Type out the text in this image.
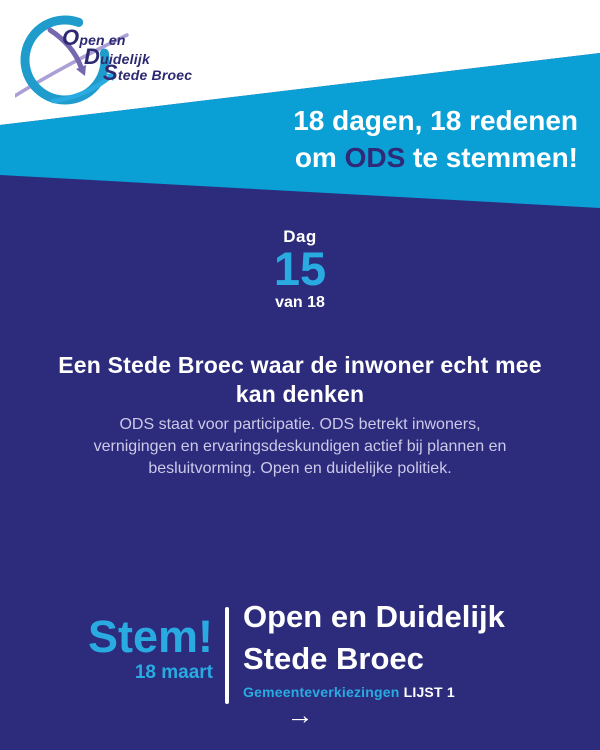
Open en
Duidelijk
Stede Broec
18 dagen, 18 redenen
om ODS te stemmen!
Dag
15
van 18
Een Stede Broec waar de inwoner echt mee
kan denken
ODS staat voor participatie. ODS betrekt inwoners,
vernigingen en ervaringsdeskundigen actief bij plannen en
besluitvorming. Open en duidelijke politiek.
Stem!
18 maart
Open en Duidelijk
Stede Broec
Gemeenteverkiezingen LIJST 1
→
